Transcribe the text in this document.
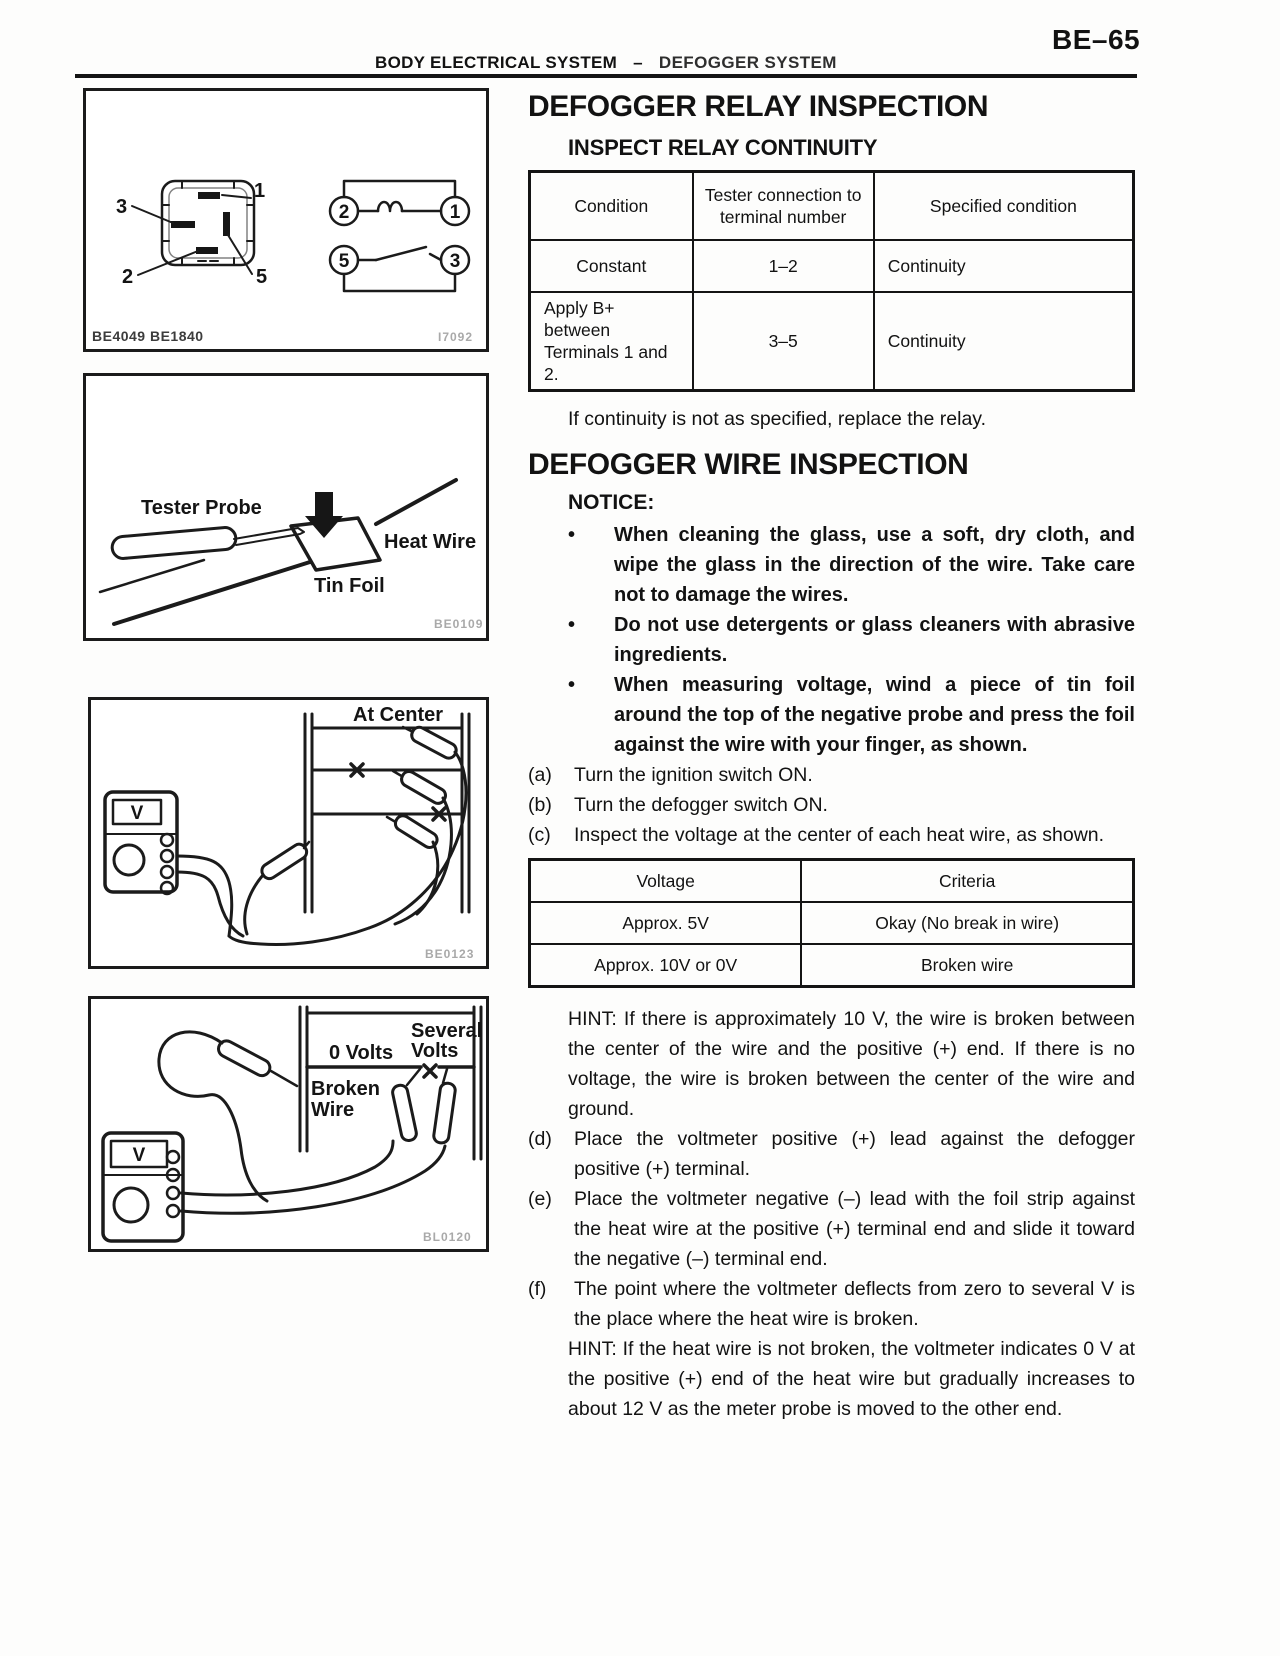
BE–65
BODY ELECTRICAL SYSTEM – DEFOGGER SYSTEM
3
1
2	5
2	1
5	3
BE4049 BE1840	I7092
Tester Probe
Heat Wire
Tin Foil
BE0109
At Center
V
BE0123
0 Volts
Several
Volts
Broken
Wire
V
BL0120
DEFOGGER RELAY INSPECTION
INSPECT RELAY CONTINUITY
Condition	Tester connection to terminal number	Specified condition
Constant	1–2	Continuity
Apply B+ between Terminals 1 and 2.	3–5	Continuity

If continuity is not as specified, replace the relay.

DEFOGGER WIRE INSPECTION
NOTICE:
•	When cleaning the glass, use a soft, dry cloth, and wipe the glass in the direction of the wire. Take care not to damage the wires.
•	Do not use detergents or glass cleaners with abrasive ingredients.
•	When measuring voltage, wind a piece of tin foil around the top of the negative probe and press the foil against the wire with your finger, as shown.
(a)	Turn the ignition switch ON.
(b)	Turn the defogger switch ON.
(c)	Inspect the voltage at the center of each heat wire, as shown.
Voltage	Criteria
Approx. 5V	Okay (No break in wire)
Approx. 10V or 0V	Broken wire

HINT: If there is approximately 10 V, the wire is broken between the center of the wire and the positive (+) end. If there is no voltage, the wire is broken between the center of the wire and ground.

(d)	Place the voltmeter positive (+) lead against the defogger positive (+) terminal.
(e)	Place the voltmeter negative (–) lead with the foil strip against the heat wire at the positive (+) terminal end and slide it toward the negative (–) terminal end.
(f)	The point where the voltmeter deflects from zero to several V is the place where the heat wire is broken.

HINT: If the heat wire is not broken, the voltmeter indicates 0 V at the positive (+) end of the heat wire but gradually increases to about 12 V as the meter probe is moved to the other end.
